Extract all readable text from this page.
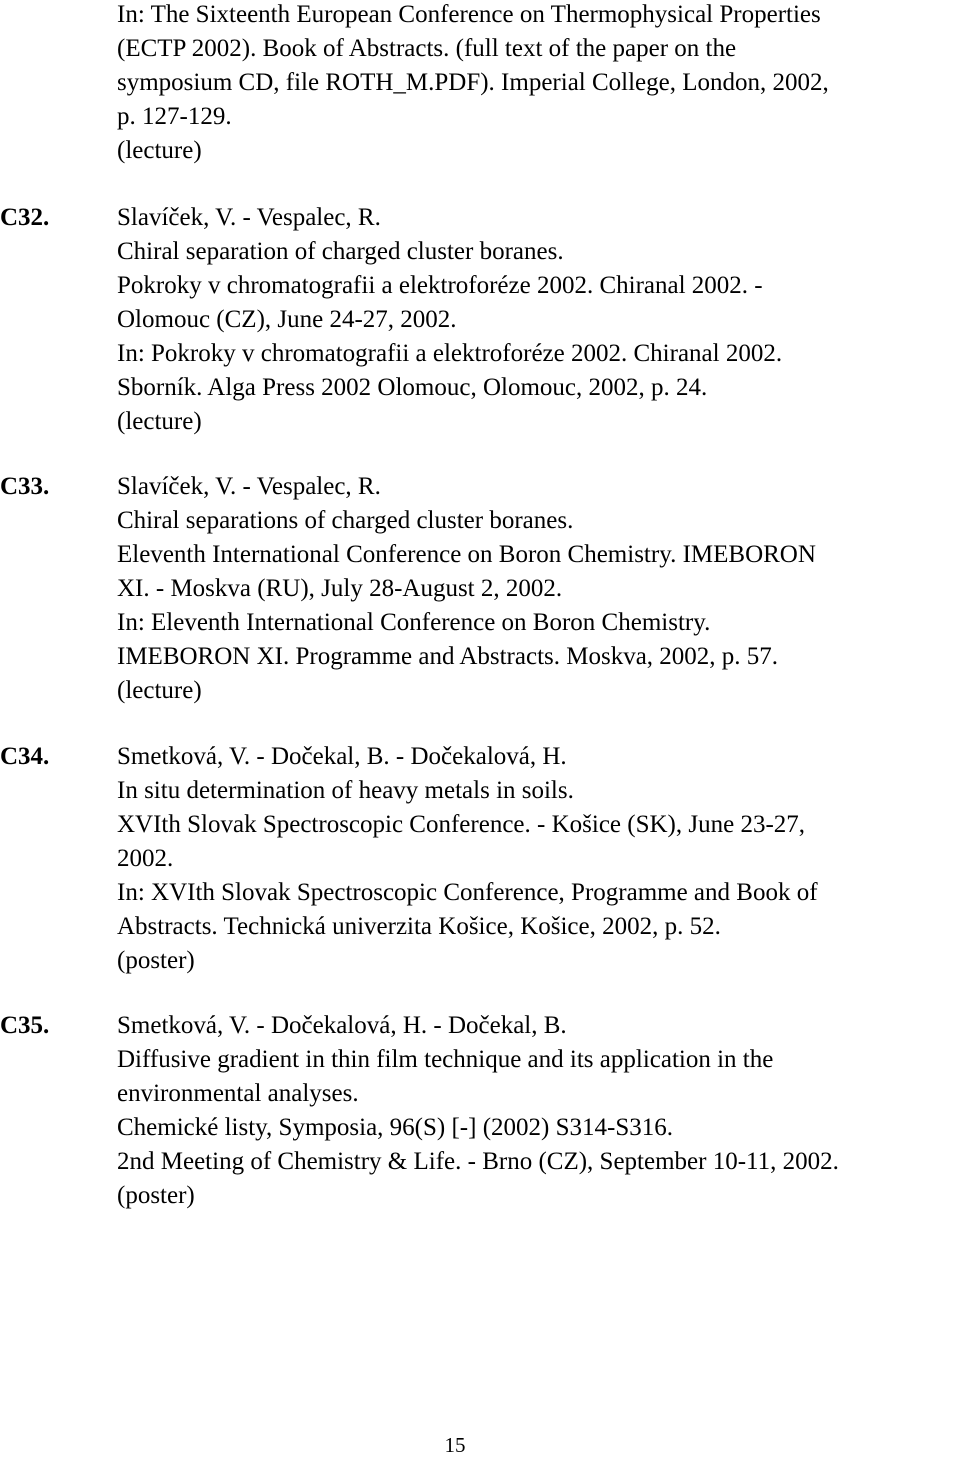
In: The Sixteenth European Conference on Thermophysical Properties
(ECTP 2002). Book of Abstracts. (full text of the paper on the
symposium CD, file ROTH_M.PDF). Imperial College, London, 2002,
p. 127-129.
(lecture)
C32.	Slavíček, V. - Vespalec, R.
Chiral separation of charged cluster boranes.
Pokroky v chromatografii a elektroforéze 2002. Chiranal 2002. -
Olomouc (CZ), June 24-27, 2002.
In: Pokroky v chromatografii a elektroforéze 2002. Chiranal 2002.
Sborník. Alga Press 2002 Olomouc, Olomouc, 2002, p. 24.
(lecture)
C33.	Slavíček, V. - Vespalec, R.
Chiral separations of charged cluster boranes.
Eleventh International Conference on Boron Chemistry. IMEBORON
XI. - Moskva (RU), July 28-August 2, 2002.
In: Eleventh International Conference on Boron Chemistry.
IMEBORON XI. Programme and Abstracts. Moskva, 2002, p. 57.
(lecture)
C34.	Smetková, V. - Dočekal, B. - Dočekalová, H.
In situ determination of heavy metals in soils.
XVIth Slovak Spectroscopic Conference. - Košice (SK), June 23-27,
2002.
In: XVIth Slovak Spectroscopic Conference, Programme and Book of
Abstracts. Technická univerzita Košice, Košice, 2002, p. 52.
(poster)
C35.	Smetková, V. - Dočekalová, H. - Dočekal, B.
Diffusive gradient in thin film technique and its application in the
environmental analyses.
Chemické listy, Symposia, 96(S) [-] (2002) S314-S316.
2nd Meeting of Chemistry & Life. - Brno (CZ), September 10-11, 2002.
(poster)
15
